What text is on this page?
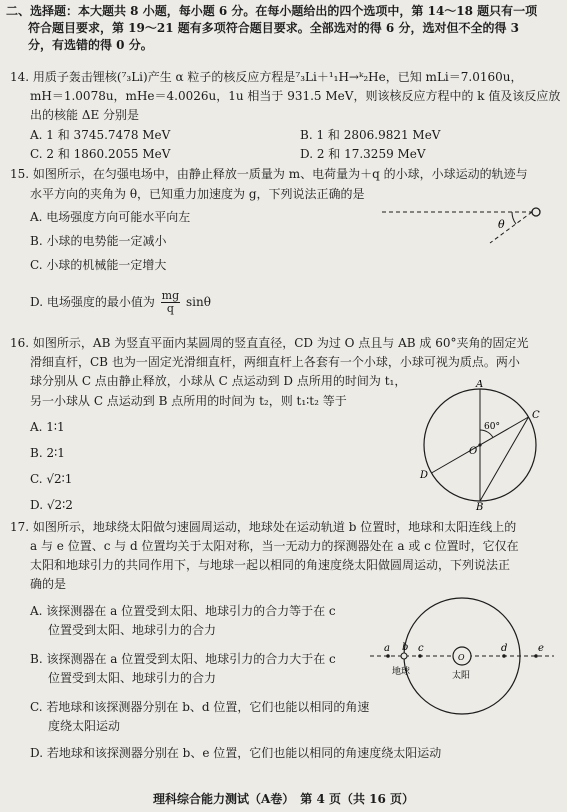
二、选择题：本大题共 8 小题，每小题 6 分。在每小题给出的四个选项中，第 14～18 题只有一项
符合题目要求，第 19～21 题有多项符合题目要求。全部选对的得 6 分，选对但不全的得 3
分，有选错的得 0 分。
14. 用质子轰击锂核(⁷₃Li)产生 α 粒子的核反应方程是⁷₃Li＋¹₁H→ᵏ₂He，已知 mLi＝7.0160u，
mH＝1.0078u，mHe＝4.0026u，1u 相当于 931.5 MeV，则该核反应方程中的 k 值及该反应放
出的核能 ΔE 分别是
A. 1 和 3745.7478 MeV	B. 1 和 2806.9821 MeV
C. 2 和 1860.2055 MeV	D. 2 和 17.3259 MeV
15. 如图所示，在匀强电场中，由静止释放一质量为 m、电荷量为＋q 的小球，小球运动的轨迹与
水平方向的夹角为 θ，已知重力加速度为 g，下列说法正确的是
A. 电场强度方向可能水平向左
B. 小球的电势能一定减小
C. 小球的机械能一定增大
D. 电场强度的最小值为 $\frac{mg}{q}$ sinθ
θ
16. 如图所示，AB 为竖直平面内某圆周的竖直直径，CD 为过 O 点且与 AB 成 60°夹角的固定光
滑细直杆，CB 也为一固定光滑细直杆，两细直杆上各套有一个小球，小球可视为质点。两小
球分别从 C 点由静止释放，小球从 C 点运动到 D 点所用的时间为 t₁，
另一小球从 C 点运动到 B 点所用的时间为 t₂，则 t₁∶t₂ 等于
A. 1∶1
B. 2∶1
C. √2∶1
D. √2∶2
A
B
C
D
O
60°
17. 如图所示，地球绕太阳做匀速圆周运动，地球处在运动轨道 b 位置时，地球和太阳连线上的
a 与 e 位置、c 与 d 位置均关于太阳对称，当一无动力的探测器处在 a 或 c 位置时，它仅在
太阳和地球引力的共同作用下，与地球一起以相同的角速度绕太阳做圆周运动，下列说法正
确的是
A. 该探测器在 a 位置受到太阳、地球引力的合力等于在 c
位置受到太阳、地球引力的合力
B. 该探测器在 a 位置受到太阳、地球引力的合力大于在 c
位置受到太阳、地球引力的合力
C. 若地球和该探测器分别在 b、d 位置，它们也能以相同的角速
度绕太阳运动
D. 若地球和该探测器分别在 b、e 位置，它们也能以相同的角速度绕太阳运动
a b c	d	e
O
地球	太阳
理科综合能力测试（A卷）　第 4 页（共 16 页）
